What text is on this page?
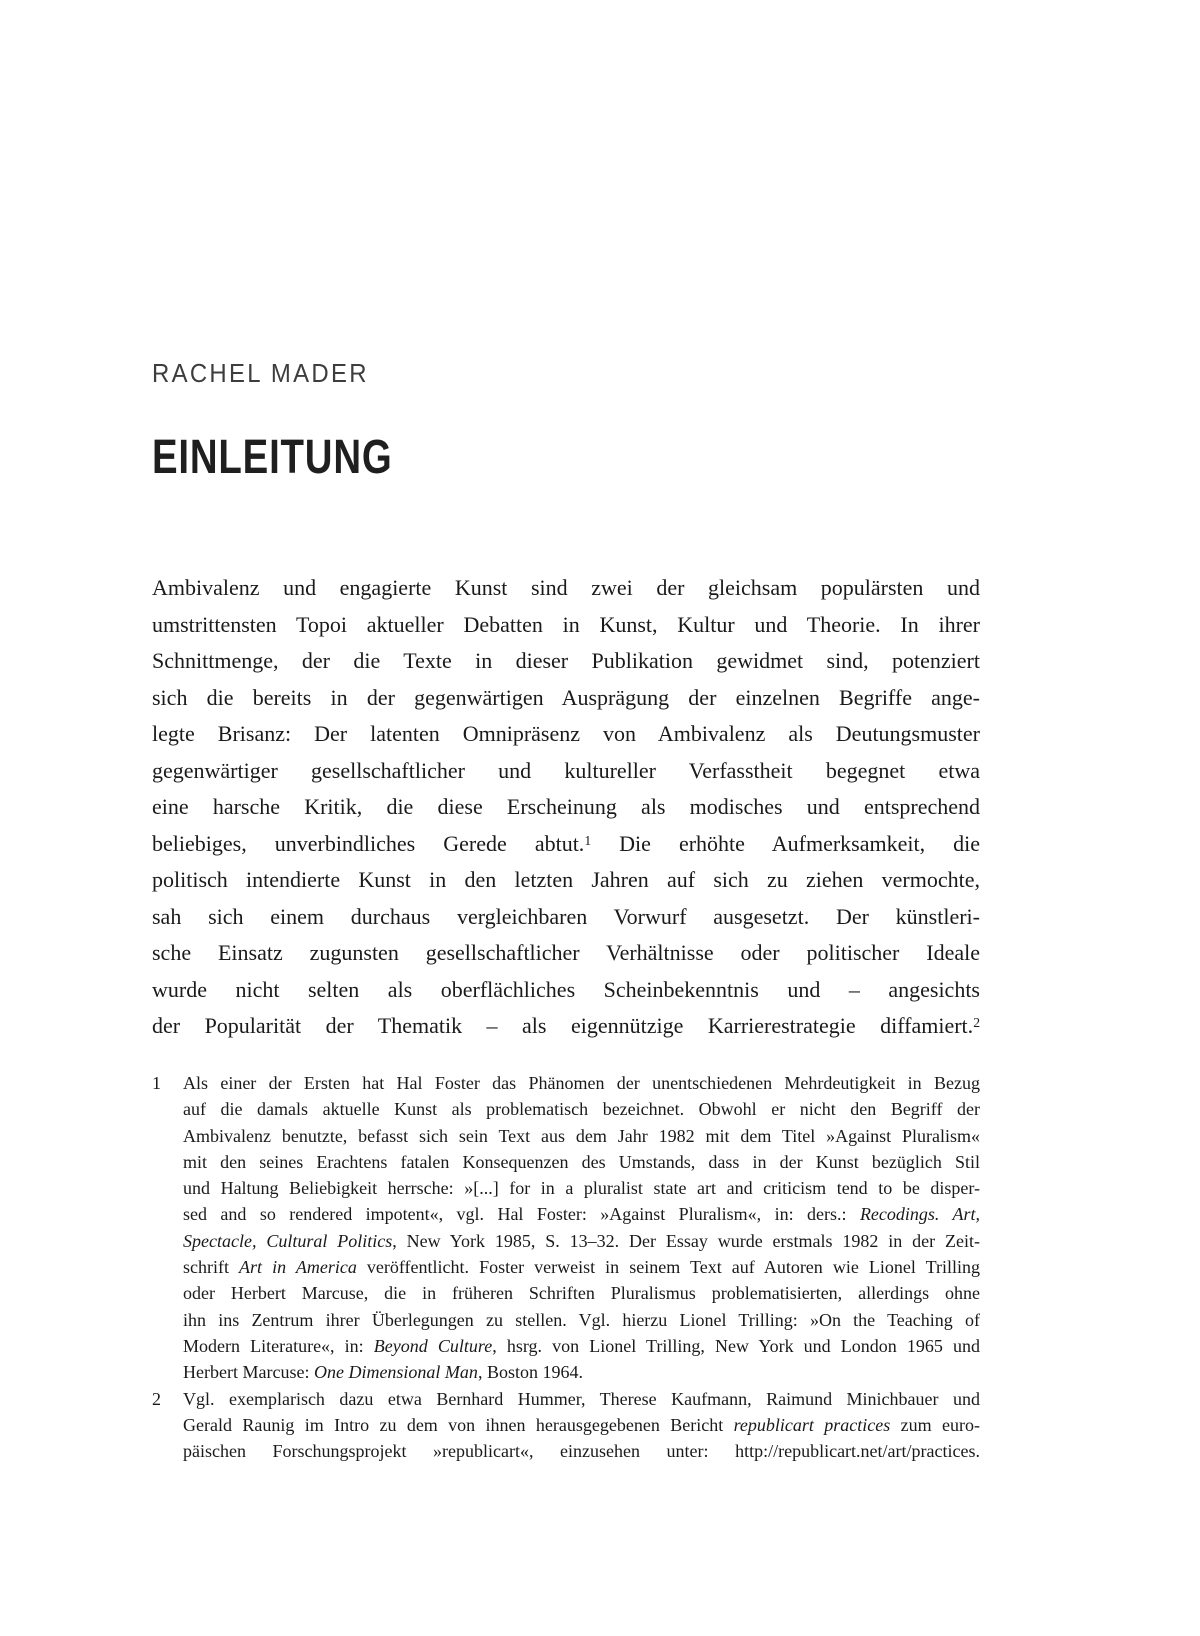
RACHEL MADER
EINLEITUNG
Ambivalenz und engagierte Kunst sind zwei der gleichsam populärsten und
umstrittensten Topoi aktueller Debatten in Kunst, Kultur und Theorie. In ihrer
Schnittmenge, der die Texte in dieser Publikation gewidmet sind, potenziert
sich die bereits in der gegenwärtigen Ausprägung der einzelnen Begriffe ange-
legte Brisanz: Der latenten Omnipräsenz von Ambivalenz als Deutungsmuster
gegenwärtiger gesellschaftlicher und kultureller Verfasstheit begegnet etwa
eine harsche Kritik, die diese Erscheinung als modisches und entsprechend
beliebiges, unverbindliches Gerede abtut.$^1$ Die erhöhte Aufmerksamkeit, die
politisch intendierte Kunst in den letzten Jahren auf sich zu ziehen vermochte,
sah sich einem durchaus vergleichbaren Vorwurf ausgesetzt. Der künstleri-
sche Einsatz zugunsten gesellschaftlicher Verhältnisse oder politischer Ideale
wurde nicht selten als oberflächliches Scheinbekenntnis und – angesichts
der Popularität der Thematik – als eigennützige Karrierestrategie diffamiert.$^2$
1	Als einer der Ersten hat Hal Foster das Phänomen der unentschiedenen Mehrdeutigkeit in Bezug
auf die damals aktuelle Kunst als problematisch bezeichnet. Obwohl er nicht den Begriff der
Ambivalenz benutzte, befasst sich sein Text aus dem Jahr 1982 mit dem Titel »Against Pluralism«
mit den seines Erachtens fatalen Konsequenzen des Umstands, dass in der Kunst bezüglich Stil
und Haltung Beliebigkeit herrsche: »[...] for in a pluralist state art and criticism tend to be disper-
sed and so rendered impotent«, vgl. Hal Foster: »Against Pluralism«, in: ders.: Recodings. Art,
Spectacle, Cultural Politics, New York 1985, S. 13–32. Der Essay wurde erstmals 1982 in der Zeit-
schrift Art in America veröffentlicht. Foster verweist in seinem Text auf Autoren wie Lionel Trilling
oder Herbert Marcuse, die in früheren Schriften Pluralismus problematisierten, allerdings ohne
ihn ins Zentrum ihrer Überlegungen zu stellen. Vgl. hierzu Lionel Trilling: »On the Teaching of
Modern Literature«, in: Beyond Culture, hsrg. von Lionel Trilling, New York und London 1965 und
Herbert Marcuse: One Dimensional Man, Boston 1964.
2	Vgl. exemplarisch dazu etwa Bernhard Hummer, Therese Kaufmann, Raimund Minichbauer und
Gerald Raunig im Intro zu dem von ihnen herausgegebenen Bericht republicart practices zum euro-
päischen Forschungsprojekt »republicart«, einzusehen unter: http://republicart.net/art/practices.
